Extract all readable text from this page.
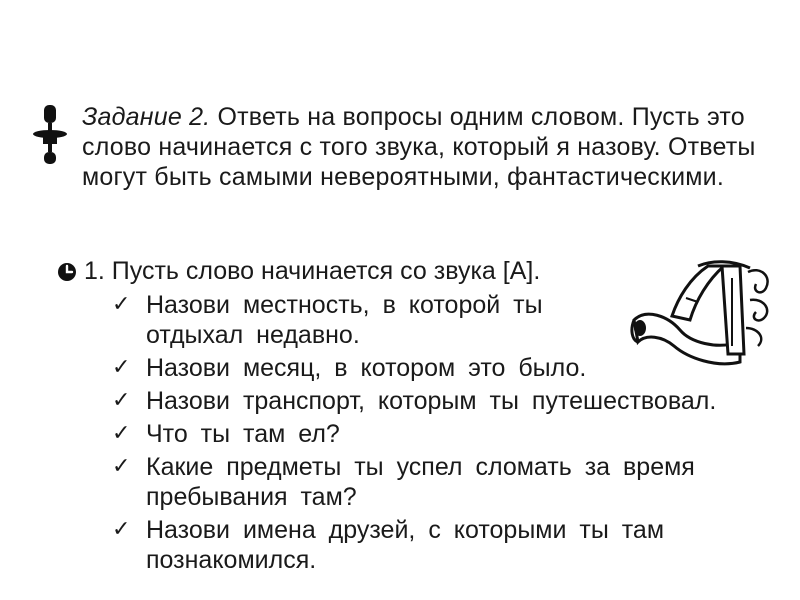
Задание 2. Ответь на вопросы одним словом. Пусть это слово начинается с того звука, который я назову. Ответы могут быть самыми невероятными, фантастическими.

1. Пусть слово начинается со звука [А].

✓ Назови местность, в которой ты отдыхал недавно.
✓ Назови месяц, в котором это было.
✓ Назови транспорт, которым ты путешествовал.
✓ Что ты там ел?
✓ Какие предметы ты успел сломать за время пребывания там?
✓ Назови имена друзей, с которыми ты там познакомился.
